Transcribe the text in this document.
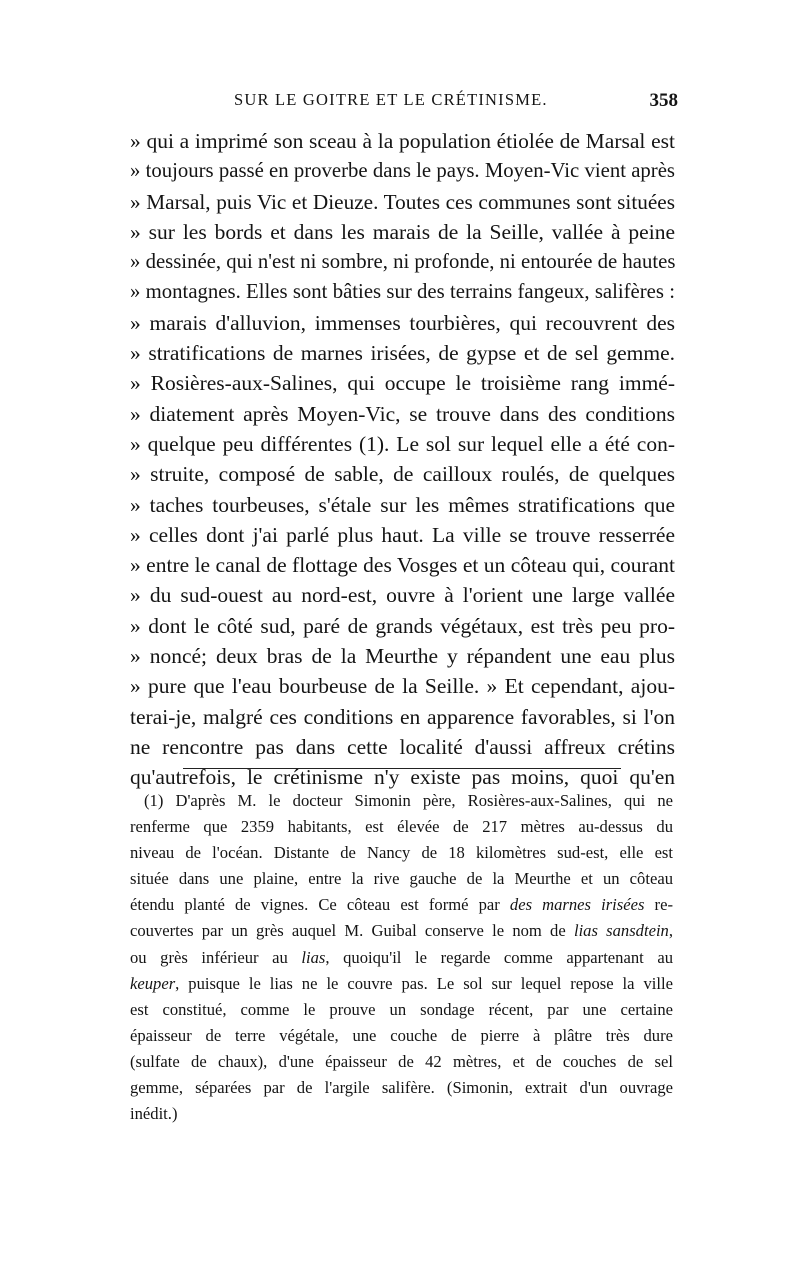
SUR LE GOITRE ET LE CRÉTINISME.	358
» qui a imprimé son sceau à la population étiolée de Marsal est
» toujours passé en proverbe dans le pays. Moyen-Vic vient après
» Marsal, puis Vic et Dieuze. Toutes ces communes sont situées
» sur les bords et dans les marais de la Seille, vallée à peine
» dessinée, qui n'est ni sombre, ni profonde, ni entourée de hautes
» montagnes. Elles sont bâties sur des terrains fangeux, salifères :
» marais d'alluvion, immenses tourbières, qui recouvrent des
» stratifications de marnes irisées, de gypse et de sel gemme.
» Rosières-aux-Salines, qui occupe le troisième rang immé-
» diatement après Moyen-Vic, se trouve dans des conditions
» quelque peu différentes (1). Le sol sur lequel elle a été con-
» struite, composé de sable, de cailloux roulés, de quelques
» taches tourbeuses, s'étale sur les mêmes stratifications que
» celles dont j'ai parlé plus haut. La ville se trouve resserrée
» entre le canal de flottage des Vosges et un côteau qui, courant
» du sud-ouest au nord-est, ouvre à l'orient une large vallée
» dont le côté sud, paré de grands végétaux, est très peu pro-
» noncé; deux bras de la Meurthe y répandent une eau plus
» pure que l'eau bourbeuse de la Seille. » Et cependant, ajou-
terai-je, malgré ces conditions en apparence favorables, si l'on
ne rencontre pas dans cette localité d'aussi affreux crétins
qu'autrefois, le crétinisme n'y existe pas moins, quoi qu'en
(1) D'après M. le docteur Simonin père, Rosières-aux-Salines, qui ne
renferme que 2359 habitants, est élevée de 217 mètres au-dessus du
niveau de l'océan. Distante de Nancy de 18 kilomètres sud-est, elle est
située dans une plaine, entre la rive gauche de la Meurthe et un côteau
étendu planté de vignes. Ce côteau est formé par des marnes irisées re-
couvertes par un grès auquel M. Guibal conserve le nom de lias sansdtein,
ou grès inférieur au lias, quoiqu'il le regarde comme appartenant au
keuper, puisque le lias ne le couvre pas. Le sol sur lequel repose la ville
est constitué, comme le prouve un sondage récent, par une certaine
épaisseur de terre végétale, une couche de pierre à plâtre très dure
(sulfate de chaux), d'une épaisseur de 42 mètres, et de couches de sel
gemme, séparées par de l'argile salifère. (Simonin, extrait d'un ouvrage
inédit.)
